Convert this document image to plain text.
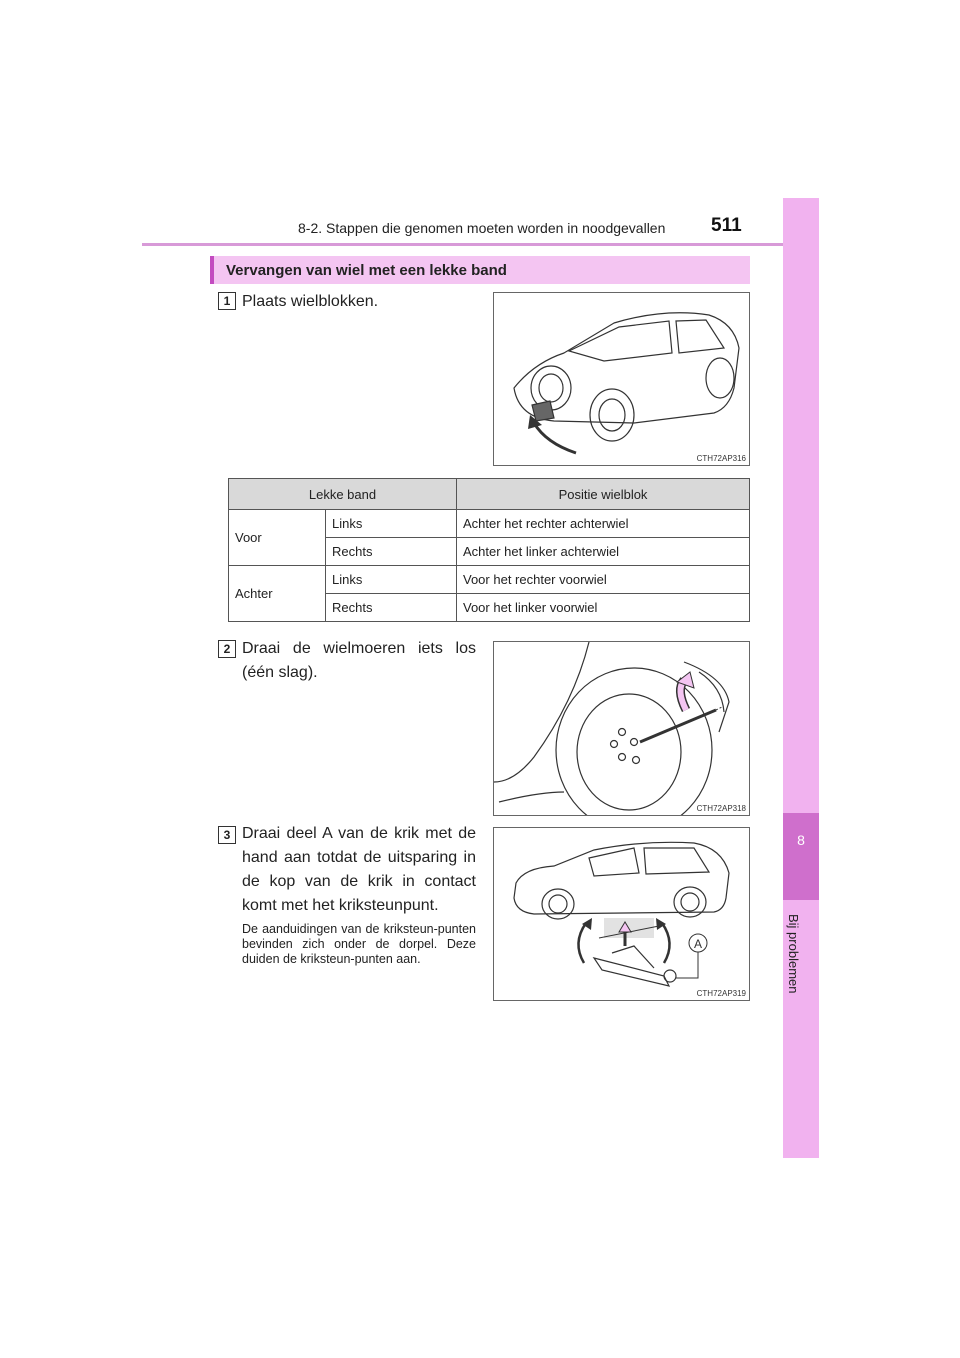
8-2. Stappen die genomen moeten worden in noodgevallen 511
8
Bij problemen
Vervangen van wiel met een lekke band
1 Plaats wielblokken.
CTH72AP316
Lekke band		Positie wielblok
Voor	Links	Achter het rechter achterwiel
	Rechts	Achter het linker achterwiel
Achter	Links	Voor het rechter voorwiel
	Rechts	Voor het linker voorwiel
2 Draai de wielmoeren iets los (één slag).
CTH72AP318
3 Draai deel A van de krik met de hand aan totdat de uitsparing in de kop van de krik in contact komt met het kriksteunpunt.
De aanduidingen van de kriksteun-punten bevinden zich onder de dorpel. Deze duiden de kriksteun-punten aan.
A
CTH72AP319
